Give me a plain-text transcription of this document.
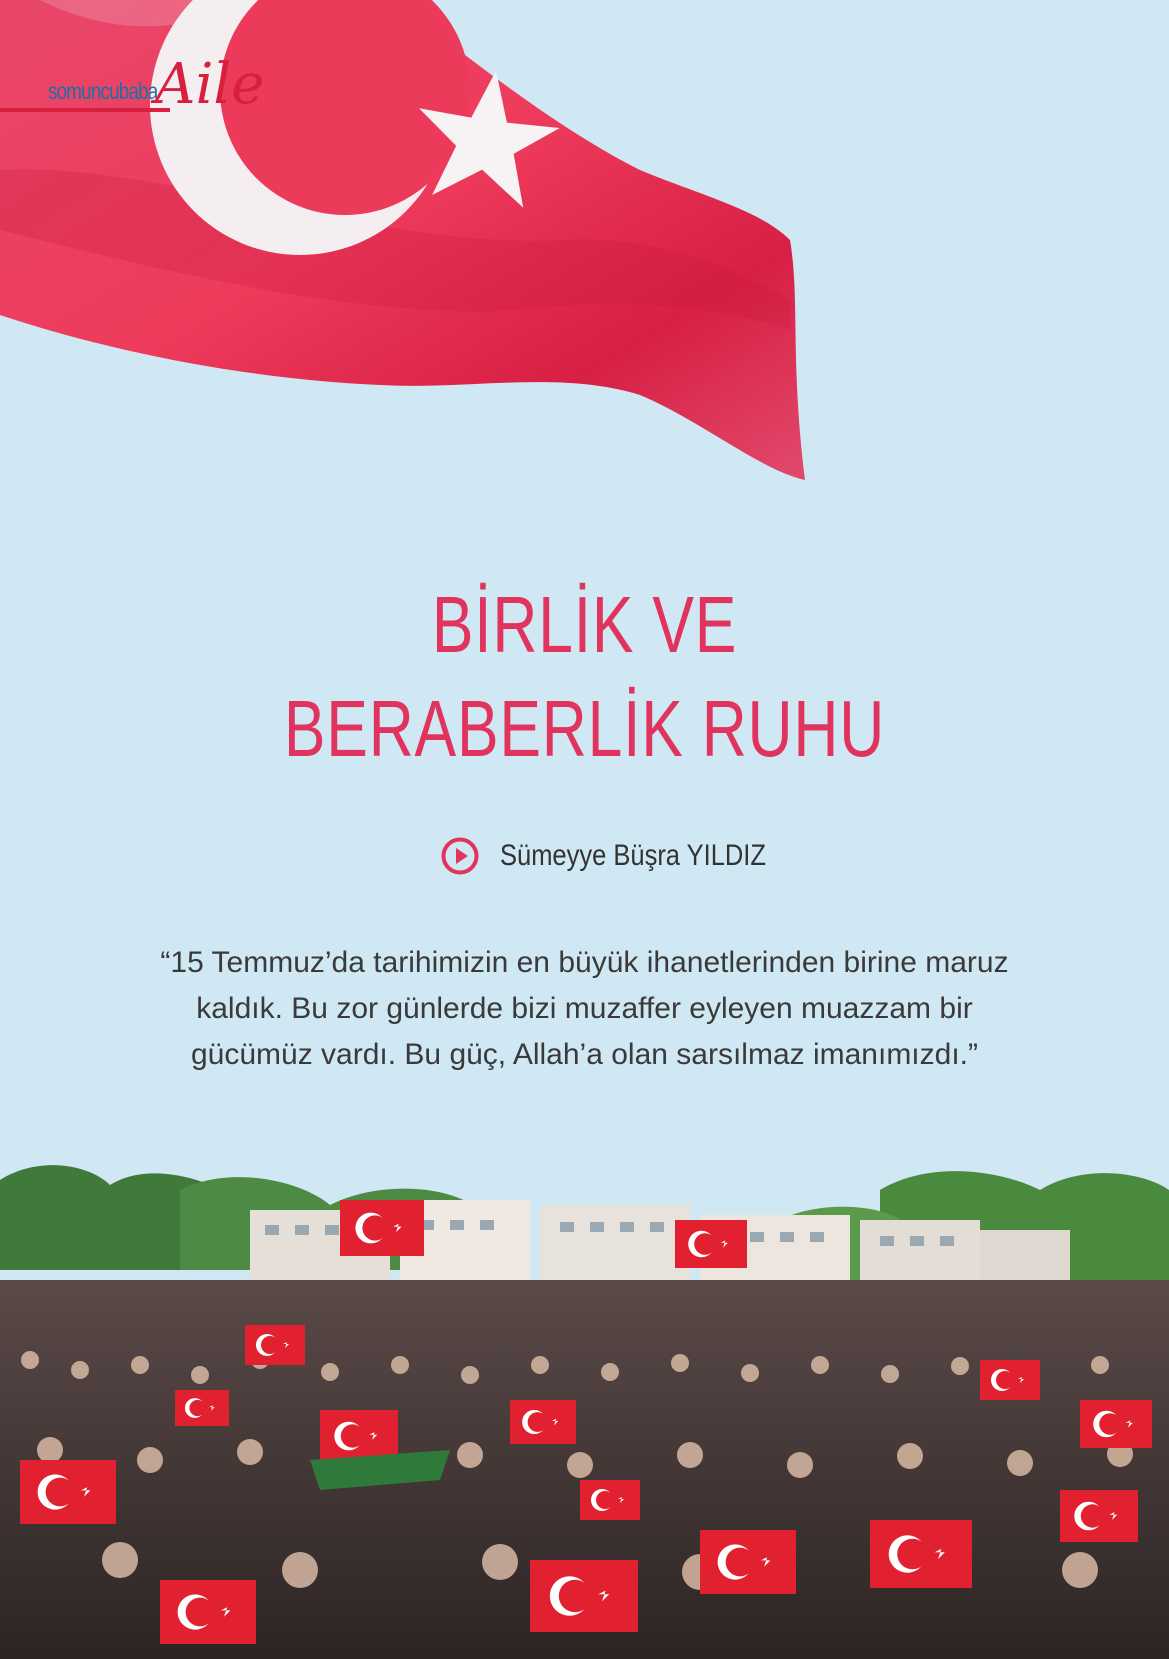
somuncubaba
Aile
BİRLİK VE
BERABERLİK RUHU
Sümeyye Büşra YILDIZ
“15 Temmuz’da tarihimizin en büyük ihanetlerinden birine maruz kaldık. Bu zor günlerde bizi muzaffer eyleyen muazzam bir gücümüz vardı. Bu güç, Allah’a olan sarsılmaz imanımızdı.”
